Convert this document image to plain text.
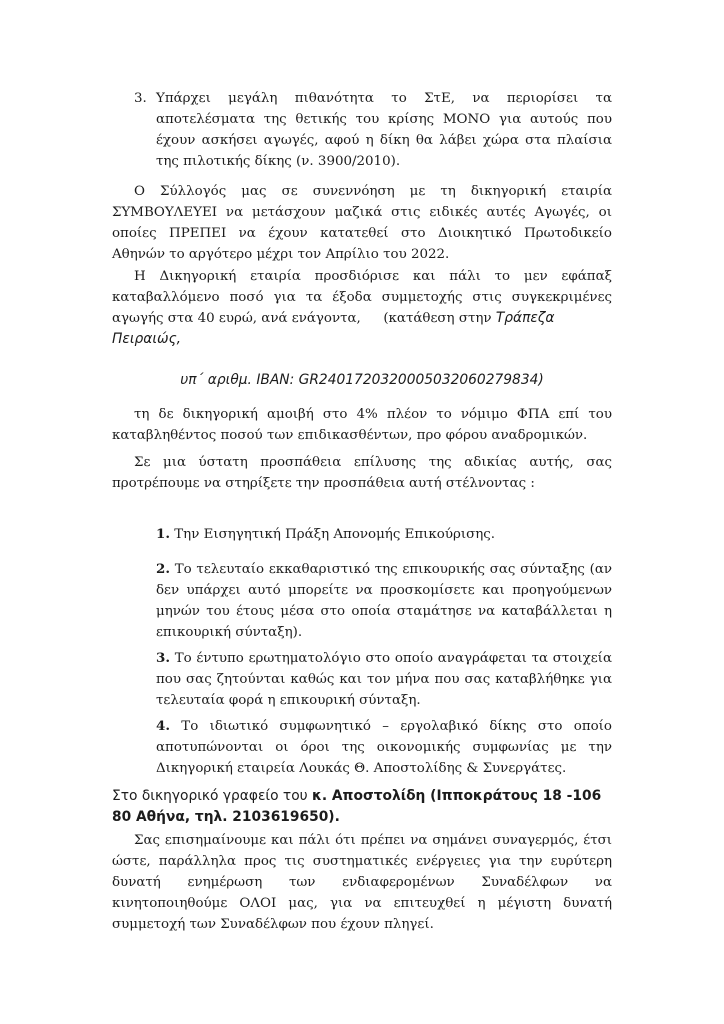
3. Υπάρχει μεγάλη πιθανότητα το ΣτΕ, να περιορίσει τα αποτελέσματα της θετικής του κρίσης ΜΟΝΟ για αυτούς που έχουν ασκήσει αγωγές, αφού η δίκη θα λάβει χώρα στα πλαίσια της πιλοτικής δίκης (ν. 3900/2010).

Ο Σύλλογός μας σε συνεννόηση με τη δικηγορική εταιρία ΣΥΜΒΟΥΛΕΥΕΙ να μετάσχουν μαζικά στις ειδικές αυτές Αγωγές, οι οποίες ΠΡΕΠΕΙ να έχουν κατατεθεί στο Διοικητικό Πρωτοδικείο Αθηνών το αργότερο μέχρι τον Απρίλιο του 2022.

Η Δικηγορική εταιρία προσδιόρισε και πάλι το μεν εφάπαξ καταβαλλόμενο ποσό για τα έξοδα συμμετοχής στις συγκεκριμένες αγωγής στα 40 ευρώ, ανά ενάγοντα, (κατάθεση στην Τράπεζα
Πειραιώς,

υπ΄ αριθμ. IBAN: GR2401720320005032060279834)

τη δε δικηγορική αμοιβή στο 4% πλέον το νόμιμο ΦΠΑ επί του καταβληθέντος ποσού των επιδικασθέντων, προ φόρου αναδρομικών.

Σε μια ύστατη προσπάθεια επίλυσης της αδικίας αυτής, σας προτρέπουμε να στηρίξετε την προσπάθεια αυτή στέλνοντας :

1. Την Εισηγητική Πράξη Απονομής Επικούρισης.

2. Το τελευταίο εκκαθαριστικό της επικουρικής σας σύνταξης (αν δεν υπάρχει αυτό μπορείτε να προσκομίσετε και προηγούμενων μηνών του έτους μέσα στο οποία σταμάτησε να καταβάλλεται η επικουρική σύνταξη).

3. Το έντυπο ερωτηματολόγιο στο οποίο αναγράφεται τα στοιχεία που σας ζητούνται καθώς και τον μήνα που σας καταβλήθηκε για τελευταία φορά η επικουρική σύνταξη.

4. Το ιδιωτικό συμφωνητικό – εργολαβικό δίκης στο οποίο αποτυπώνονται οι όροι της οικονομικής συμφωνίας με την Δικηγορική εταιρεία Λουκάς Θ. Αποστολίδης & Συνεργάτες.

Στο δικηγορικό γραφείο του κ. Αποστολίδη (Ιπποκράτους 18 -106 80 Αθήνα, τηλ. 2103619650).

Σας επισημαίνουμε και πάλι ότι πρέπει να σημάνει συναγερμός, έτσι ώστε, παράλληλα προς τις συστηματικές ενέργειες για την ευρύτερη δυνατή ενημέρωση των ενδιαφερομένων Συναδέλφων να κινητοποιηθούμε ΟΛΟΙ μας, για να επιτευχθεί η μέγιστη δυνατή συμμετοχή των Συναδέλφων που έχουν πληγεί.
